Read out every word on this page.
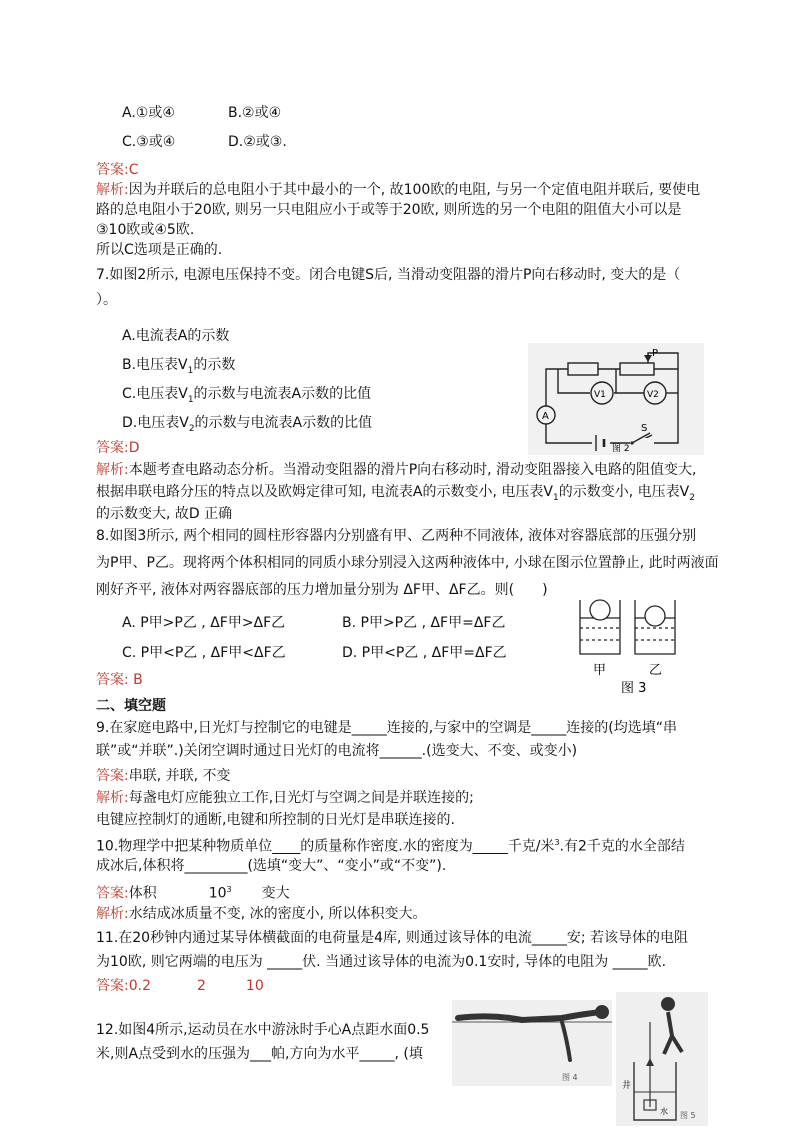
A.①或④	B.②或④
C.③或④	D.②或③.
答案:C
解析:因为并联后的总电阻小于其中最小的一个, 故100欧的电阻, 与另一个定值电阻并联后, 要使电
路的总电阻小于20欧, 则另一只电阻应小于或等于20欧, 则所选的另一个电阻的阻值大小可以是
③10欧或④5欧.
所以C选项是正确的.
7.如图2所示, 电源电压保持不变。闭合电键S后, 当滑动变阻器的滑片P向右移动时, 变大的是（
）。
A.电流表A的示数
B.电压表$V_1$的示数
C.电压表$V_1$的示数与电流表A示数的比值
D.电压表$V_2$的示数与电流表A示数的比值
答案:D
解析:本题考查电路动态分析。当滑动变阻器的滑片P向右移动时, 滑动变阻器接入电路的阻值变大,
根据串联电路分压的特点以及欧姆定律可知, 电流表A的示数变小, 电压表$V_1$的示数变小, 电压表$V_2$
的示数变大, 故D 正确
P
V1	V2
A
S
图 2
8.如图3所示, 两个相同的圆柱形容器内分别盛有甲、乙两种不同液体, 液体对容器底部的压强分别
为P甲、P乙。现将两个体积相同的同质小球分别浸入这两种液体中, 小球在图示位置静止, 此时两液面
刚好齐平, 液体对两容器底部的压力增加量分别为 ΔF甲、ΔF乙。则(　　)
A. P甲>P乙 , ΔF甲>ΔF乙	B. P甲>P乙 , ΔF甲=ΔF乙
C. P甲<P乙 , ΔF甲<ΔF乙	D. P甲<P乙 , ΔF甲=ΔF乙
答案: B
甲	乙
图 3
二、填空题
9.在家庭电路中,日光灯与控制它的电键是_____连接的,与家中的空调是_____连接的(均选填“串
联”或“并联”.)关闭空调时通过日光灯的电流将______.(选变大、不变、或变小)
答案:串联, 并联, 不变
解析:每盏电灯应能独立工作,日光灯与空调之间是并联连接的;
电键应控制灯的通断,电键和所控制的日光灯是串联连接的.
10.物理学中把某种物质单位____的质量称作密度.水的密度为_____千克/米$^3$.有2千克的水全部结
成冰后,体积将_________(选填“变大”、“变小”或“不变”).
答案:体积	$10^3$ 变大
解析:水结成冰质量不变, 冰的密度小, 所以体积变大。
11.在20秒钟内通过某导体横截面的电荷量是4库, 则通过该导体的电流_____安; 若该导体的电阻
为10欧, 则它两端的电压为 _____伏. 当通过该导体的电流为0.1安时, 导体的电阻为 _____欧.
答案:0.2	2	10
12.如图4所示,运动员在水中游泳时手心A点距水面0.5
米,则A点受到水的压强为___帕,方向为水平_____, (填
图 4
井
水 图 5
